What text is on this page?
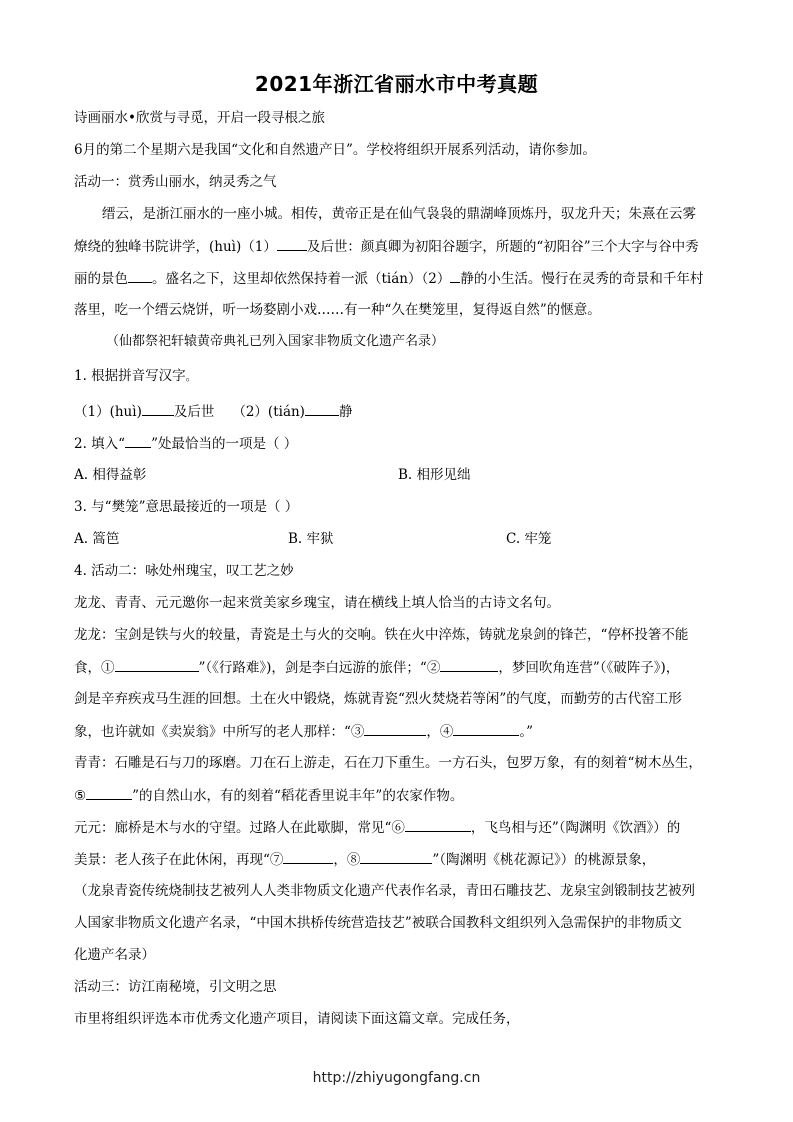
2021年浙江省丽水市中考真题
诗画丽水•欣赏与寻觅，开启一段寻根之旅
6月的第二个星期六是我国“文化和自然遗产日”。学校将组织开展系列活动，请你参加。
活动一：赏秀山丽水，纳灵秀之气
缙云，是浙江丽水的一座小城。相传，黄帝正是在仙气袅袅的鼎湖峰顶炼丹，驭龙升天；朱熹在云雾
燎绕的独峰书院讲学，(huì)（1） 及后世：颜真卿为初阳谷题字，所题的“初阳谷”三个大字与谷中秀
丽的景色 。盛名之下，这里却依然保持着一派（tián）（2） 静的小生活。慢行在灵秀的奇景和千年村
落里，吃一个缙云烧饼，听一场婺剧小戏……有一种“久在樊笼里，复得返自然”的惬意。
（仙都祭祀轩辕黄帝典礼已列入国家非物质文化遗产名录）
1. 根据拼音写汉字。
（1）(huì) 及后世 （2）(tián)	静
2. 填入“ ”处最恰当的一项是（ ）
A. 相得益彰	B. 相形见绌
3. 与“樊笼”意思最接近的一项是（ ）
A. 篙笆	B. 牢狱	C. 牢笼
4. 活动二：咏处州瑰宝，叹工艺之妙
龙龙、青青、元元邀你一起来赏美家乡瑰宝，请在横线上填人恰当的古诗文名句。
龙龙：宝剑是铁与火的较量，青瓷是土与火的交响。铁在火中淬炼，铸就龙泉剑的锋芒，“停杯投箸不能
食，①	”（《行路难》)，剑是李白远游的旅伴；“②	，梦回吹角连营”（《破阵子》)，
剑是辛弃疾戎马生涯的回想。土在火中锻烧，炼就青瓷“烈火焚烧若等闲”的气度，而勤劳的古代窑工形
象，也许就如《卖炭翁》中所写的老人那样：“③	，④	。”
青青：石雕是石与刀的琢磨。刀在石上游走，石在刀下重生。一方石头，包罗万象，有的刻着“树木丛生，
⑤	”的自然山水，有的刻着“稻花香里说丰年”的农家作物。
元元：廊桥是木与水的守望。过路人在此歇脚，常见“⑥	，飞鸟相与还”（陶渊明《饮酒》）的
美景：老人孩子在此休闲，再现“⑦	，⑧	”（陶渊明《桃花源记》）的桃源景象，
（龙泉青瓷传统烧制技艺被列人人类非物质文化遗产代表作名录，青田石雕技艺、龙泉宝剑锻制技艺被列
人国家非物质文化遗产名录，“中国木拱桥传统营造技艺”被联合国教科文组织列入急需保护的非物质文
化遗产名录）
活动三：访江南秘境，引文明之思
市里将组织评选本市优秀文化遗产项目，请阅读下面这篇文章。完成任务，
http://zhiyugongfang.cn
